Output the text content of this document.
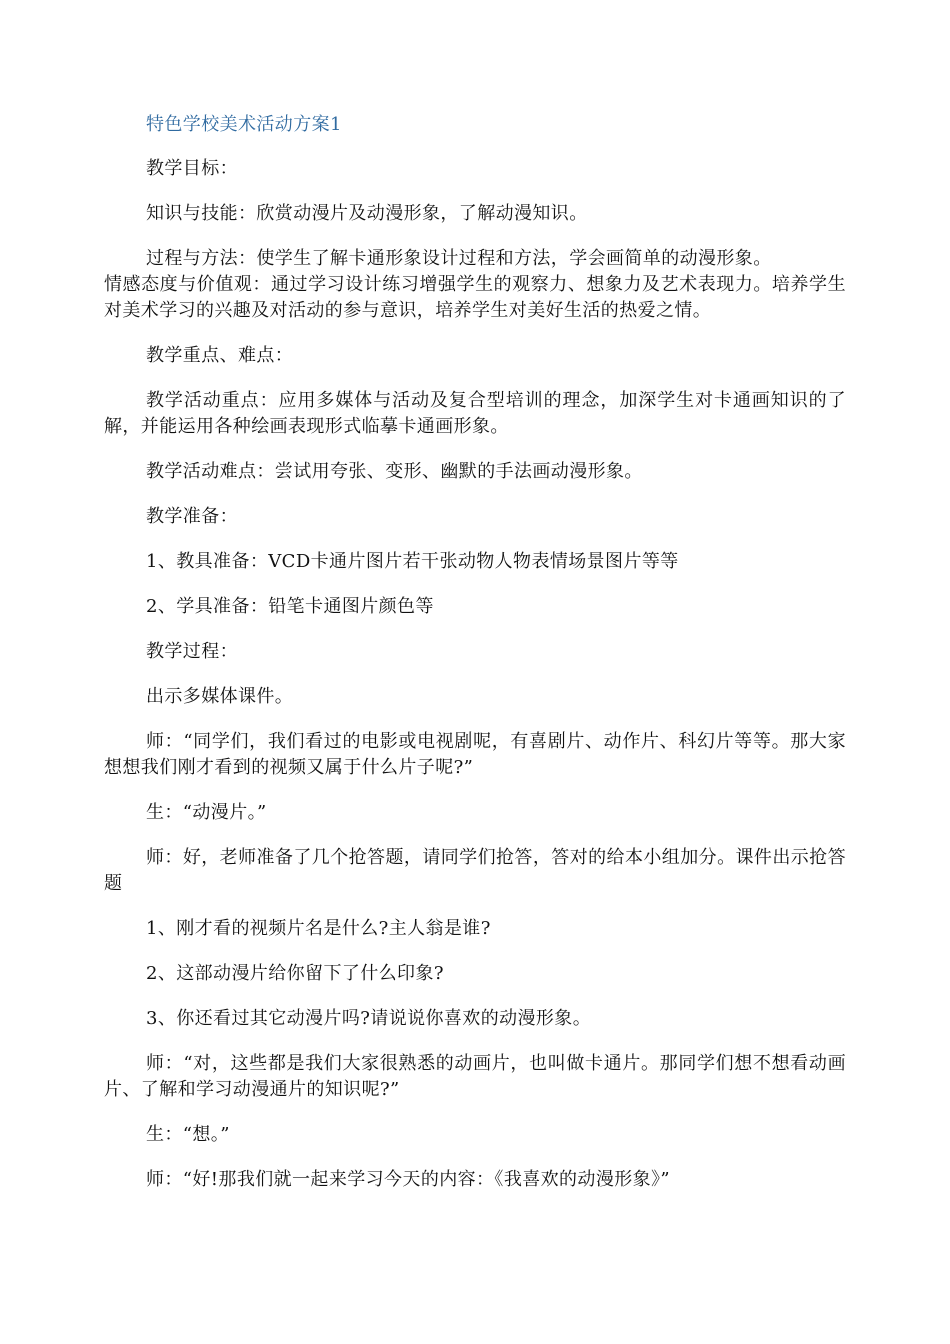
特色学校美术活动方案1

教学目标：

知识与技能：欣赏动漫片及动漫形象，了解动漫知识。

过程与方法：使学生了解卡通形象设计过程和方法，学会画简单的动漫形象。

情感态度与价值观：通过学习设计练习增强学生的观察力、想象力及艺术表现力。培养学生对美术学习的兴趣及对活动的参与意识，培养学生对美好生活的热爱之情。

教学重点、难点：

教学活动重点：应用多媒体与活动及复合型培训的理念，加深学生对卡通画知识的了解，并能运用各种绘画表现形式临摹卡通画形象。

教学活动难点：尝试用夸张、变形、幽默的手法画动漫形象。

教学准备：

1、教具准备：VCD卡通片图片若干张动物人物表情场景图片等等

2、学具准备：铅笔卡通图片颜色等

教学过程：

出示多媒体课件。

师：“同学们，我们看过的电影或电视剧呢，有喜剧片、动作片、科幻片等等。那大家想想我们刚才看到的视频又属于什么片子呢?”

生：“动漫片。”

师：好，老师准备了几个抢答题，请同学们抢答，答对的给本小组加分。课件出示抢答题

1、刚才看的视频片名是什么?主人翁是谁?

2、这部动漫片给你留下了什么印象?

3、你还看过其它动漫片吗?请说说你喜欢的动漫形象。

师：“对，这些都是我们大家很熟悉的动画片，也叫做卡通片。那同学们想不想看动画片、了解和学习动漫通片的知识呢?”

生：“想。”

师：“好!那我们就一起来学习今天的内容：《我喜欢的动漫形象》”
